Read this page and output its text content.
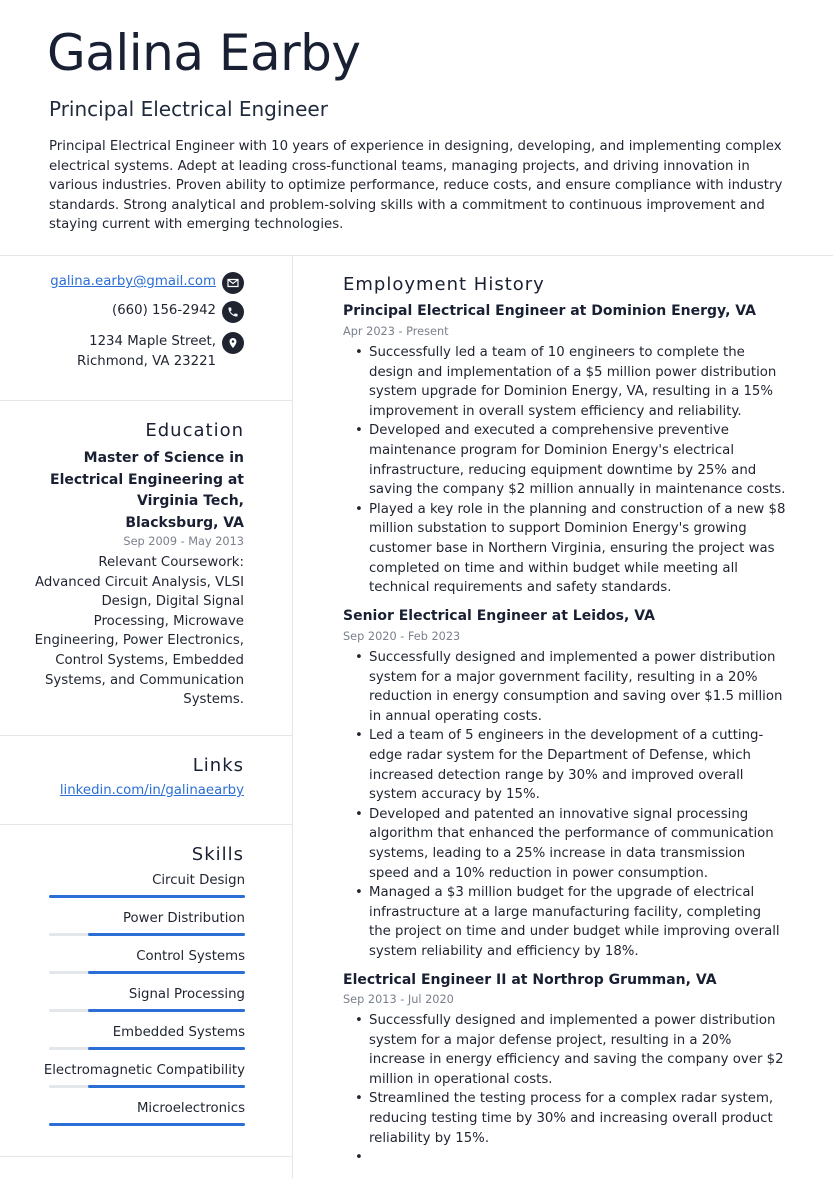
Galina Earby
Principal Electrical Engineer
Principal Electrical Engineer with 10 years of experience in designing, developing, and implementing complex electrical systems. Adept at leading cross-functional teams, managing projects, and driving innovation in various industries. Proven ability to optimize performance, reduce costs, and ensure compliance with industry standards. Strong analytical and problem-solving skills with a commitment to continuous improvement and staying current with emerging technologies.
galina.earby@gmail.com
(660) 156-2942
1234 Maple Street, Richmond, VA 23221
Education
Master of Science in Electrical Engineering at Virginia Tech, Blacksburg, VA
Sep 2009 - May 2013
Relevant Coursework: Advanced Circuit Analysis, VLSI Design, Digital Signal Processing, Microwave Engineering, Power Electronics, Control Systems, Embedded Systems, and Communication Systems.
Links
linkedin.com/in/galinaearby
Skills
Circuit Design
Power Distribution
Control Systems
Signal Processing
Embedded Systems
Electromagnetic Compatibility
Microelectronics
Employment History
Principal Electrical Engineer at Dominion Energy, VA
Apr 2023 - Present
• Successfully led a team of 10 engineers to complete the design and implementation of a $5 million power distribution system upgrade for Dominion Energy, VA, resulting in a 15% improvement in overall system efficiency and reliability.
• Developed and executed a comprehensive preventive maintenance program for Dominion Energy's electrical infrastructure, reducing equipment downtime by 25% and saving the company $2 million annually in maintenance costs.
• Played a key role in the planning and construction of a new $8 million substation to support Dominion Energy's growing customer base in Northern Virginia, ensuring the project was completed on time and within budget while meeting all technical requirements and safety standards.
Senior Electrical Engineer at Leidos, VA
Sep 2020 - Feb 2023
• Successfully designed and implemented a power distribution system for a major government facility, resulting in a 20% reduction in energy consumption and saving over $1.5 million in annual operating costs.
• Led a team of 5 engineers in the development of a cutting-edge radar system for the Department of Defense, which increased detection range by 30% and improved overall system accuracy by 15%.
• Developed and patented an innovative signal processing algorithm that enhanced the performance of communication systems, leading to a 25% increase in data transmission speed and a 10% reduction in power consumption.
• Managed a $3 million budget for the upgrade of electrical infrastructure at a large manufacturing facility, completing the project on time and under budget while improving overall system reliability and efficiency by 18%.
Electrical Engineer II at Northrop Grumman, VA
Sep 2013 - Jul 2020
• Successfully designed and implemented a power distribution system for a major defense project, resulting in a 20% increase in energy efficiency and saving the company over $2 million in operational costs.
• Streamlined the testing process for a complex radar system, reducing testing time by 30% and increasing overall product reliability by 15%.
•
